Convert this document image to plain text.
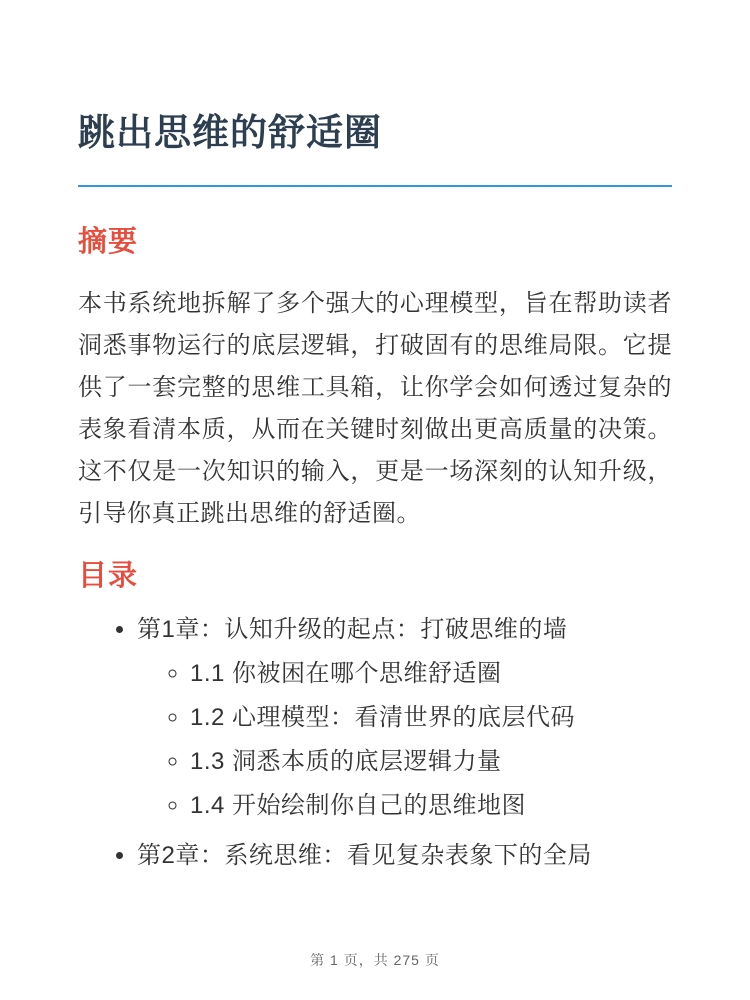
跳出思维的舒适圈
摘要

本书系统地拆解了多个强大的心理模型，旨在帮助读者洞悉事物运行的底层逻辑，打破固有的思维局限。它提供了一套完整的思维工具箱，让你学会如何透过复杂的表象看清本质，从而在关键时刻做出更高质量的决策。这不仅是一次知识的输入，更是一场深刻的认知升级，引导你真正跳出思维的舒适圈。

目录
• 第1章：认知升级的起点：打破思维的墙
◦ 1.1 你被困在哪个思维舒适圈
◦ 1.2 心理模型：看清世界的底层代码
◦ 1.3 洞悉本质的底层逻辑力量
◦ 1.4 开始绘制你自己的思维地图
• 第2章：系统思维：看见复杂表象下的全局
第 1 页，共 275 页
